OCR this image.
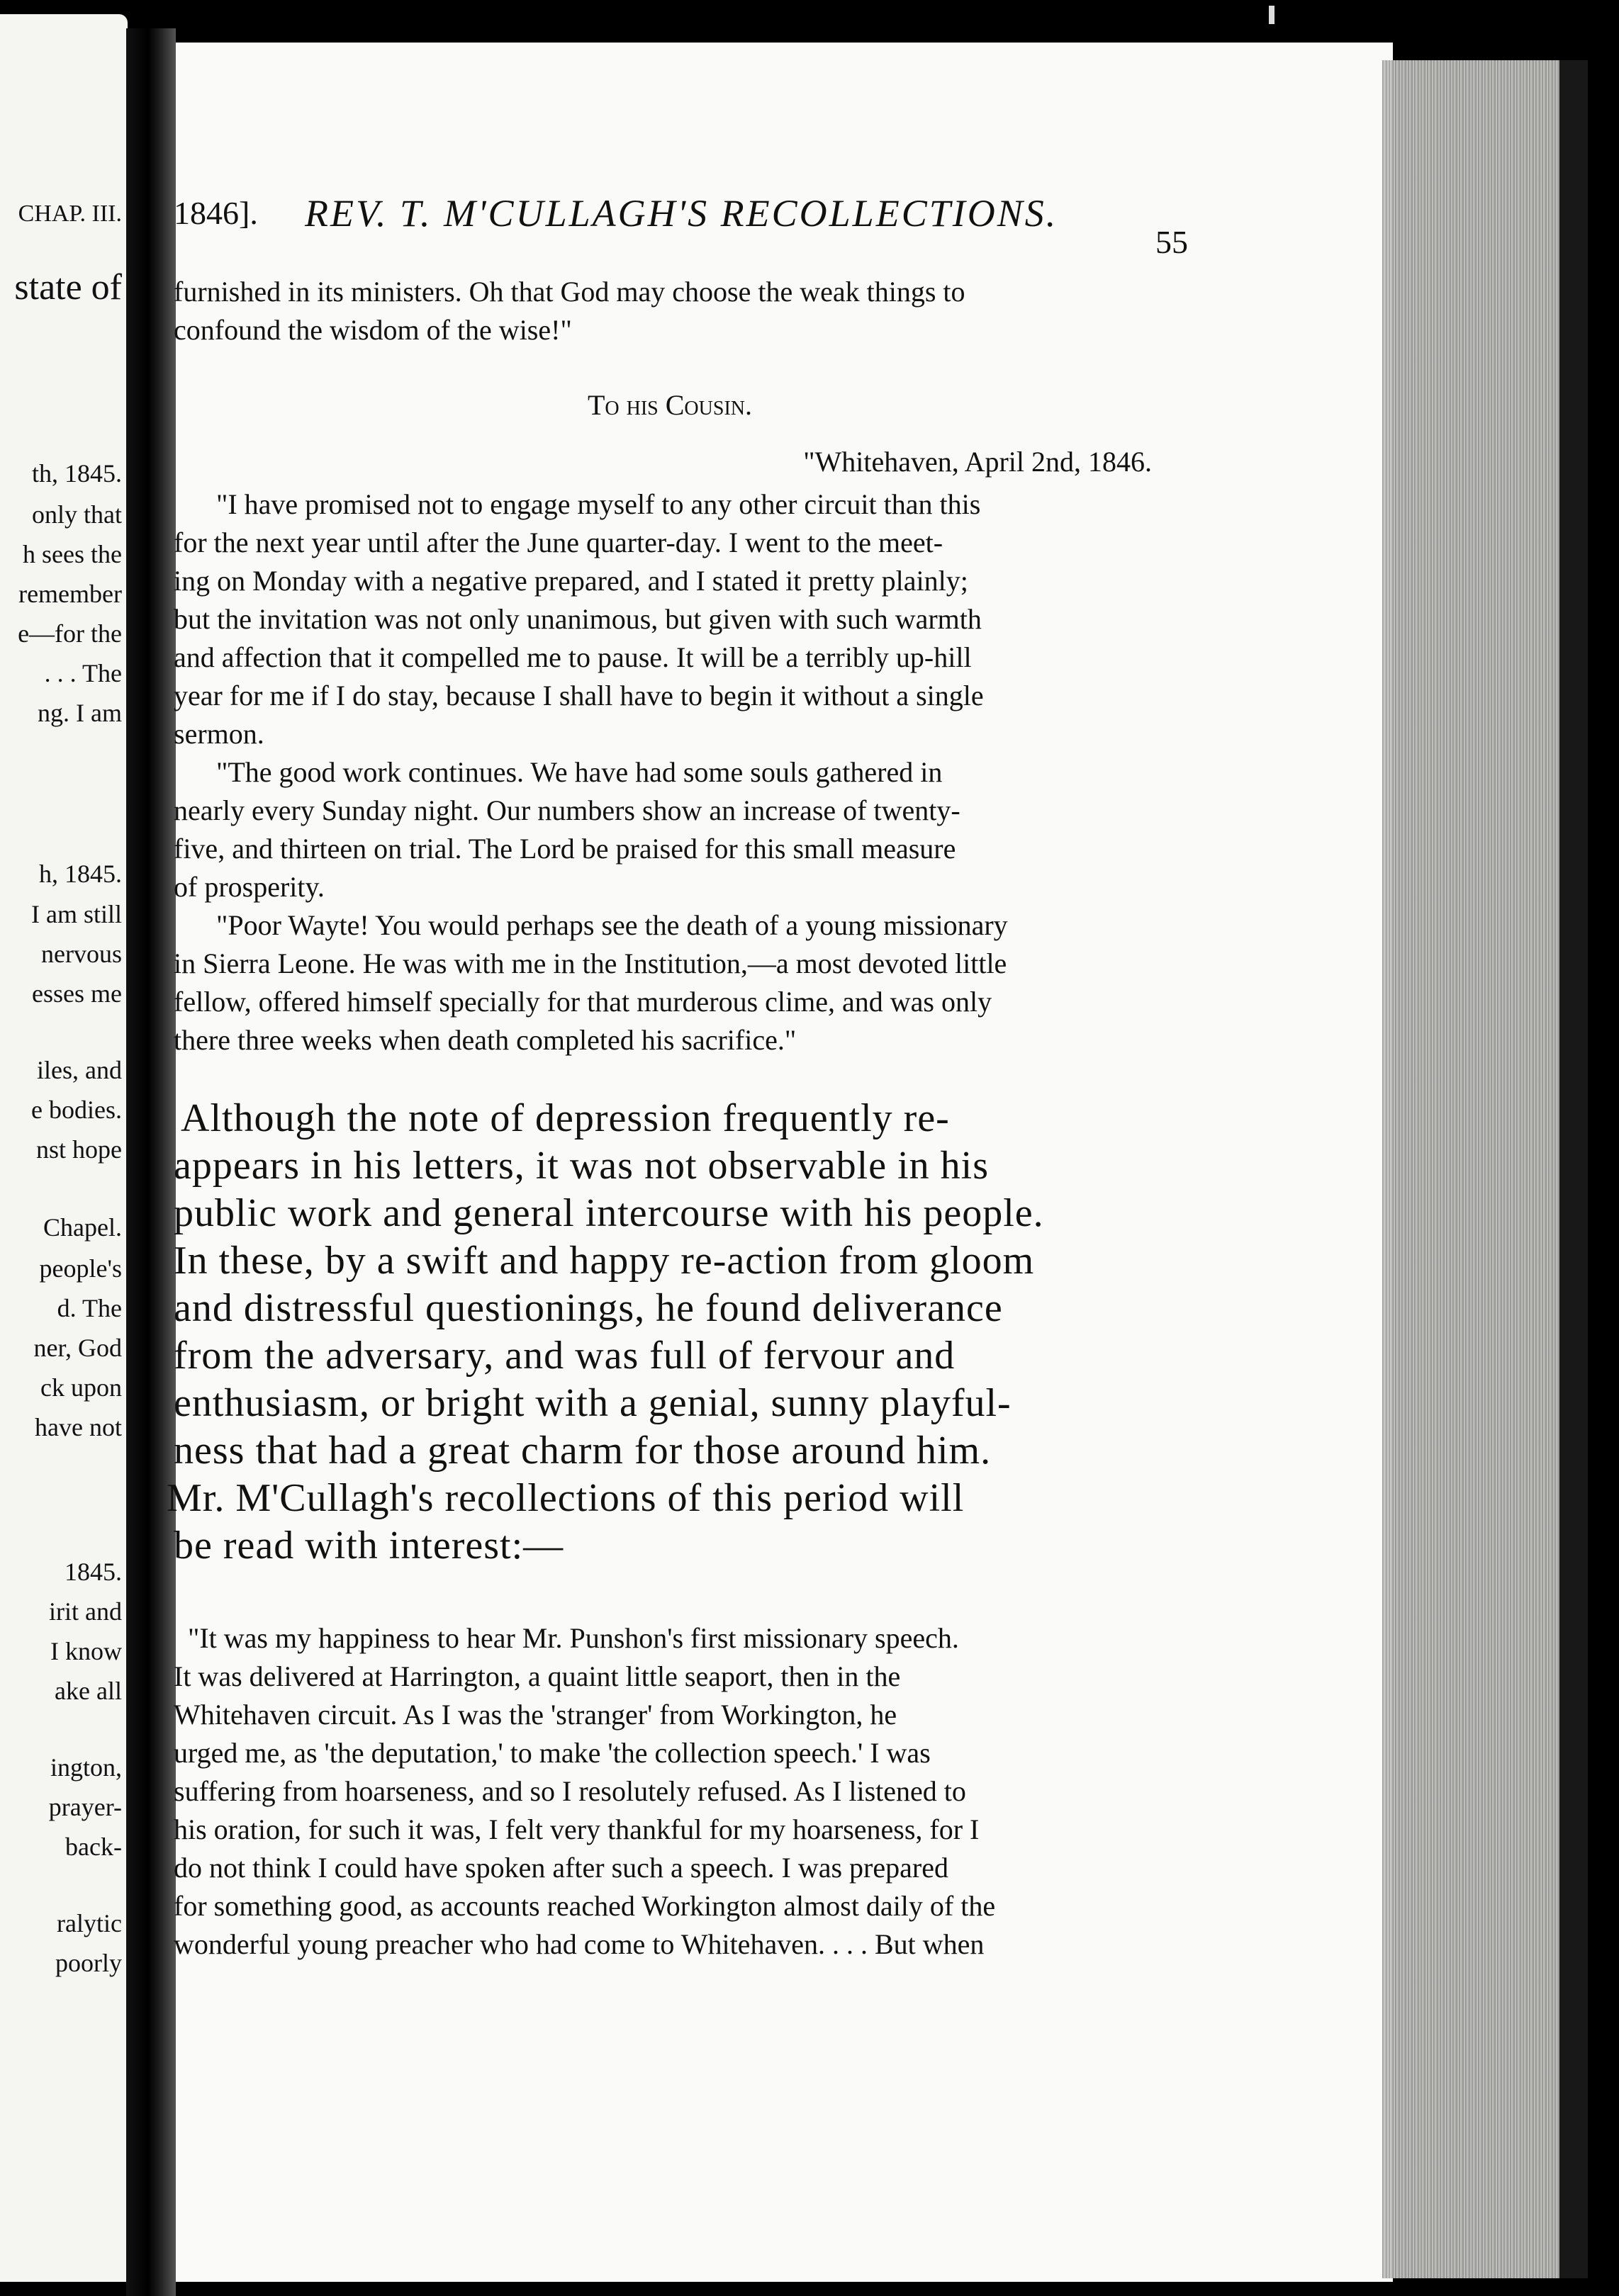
CHAP. III.
state of
th, 1845.
only that
h sees the
remember
e—for the
. . . The
ng. I am
h, 1845.
I am still
nervous
esses me
iles, and
e bodies.
nst hope
Chapel.
people's
d. The
ner, God
ck upon
have not
1845.
irit and
I know
ake all
ington,
prayer-
back-
ralytic
poorly
1846]. REV. T. M'CULLAGH'S RECOLLECTIONS.
55
furnished in its ministers. Oh that God may choose the weak things to
confound the wisdom of the wise!"
To his Cousin.
"Whitehaven, April 2nd, 1846.
"I have promised not to engage myself to any other circuit than this
for the next year until after the June quarter-day. I went to the meet-
ing on Monday with a negative prepared, and I stated it pretty plainly;
but the invitation was not only unanimous, but given with such warmth
and affection that it compelled me to pause. It will be a terribly up-hill
year for me if I do stay, because I shall have to begin it without a single
sermon.
"The good work continues. We have had some souls gathered in
nearly every Sunday night. Our numbers show an increase of twenty-
five, and thirteen on trial. The Lord be praised for this small measure
of prosperity.
"Poor Wayte! You would perhaps see the death of a young missionary
in Sierra Leone. He was with me in the Institution,—a most devoted little
fellow, offered himself specially for that murderous clime, and was only
there three weeks when death completed his sacrifice."
Although the note of depression frequently re-
appears in his letters, it was not observable in his
public work and general intercourse with his people.
In these, by a swift and happy re-action from gloom
and distressful questionings, he found deliverance
from the adversary, and was full of fervour and
enthusiasm, or bright with a genial, sunny playful-
ness that had a great charm for those around him.
Mr. M'Cullagh's recollections of this period will
be read with interest:—
"It was my happiness to hear Mr. Punshon's first missionary speech.
It was delivered at Harrington, a quaint little seaport, then in the
Whitehaven circuit. As I was the 'stranger' from Workington, he
urged me, as 'the deputation,' to make 'the collection speech.' I was
suffering from hoarseness, and so I resolutely refused. As I listened to
his oration, for such it was, I felt very thankful for my hoarseness, for I
do not think I could have spoken after such a speech. I was prepared
for something good, as accounts reached Workington almost daily of the
wonderful young preacher who had come to Whitehaven. . . . But when
